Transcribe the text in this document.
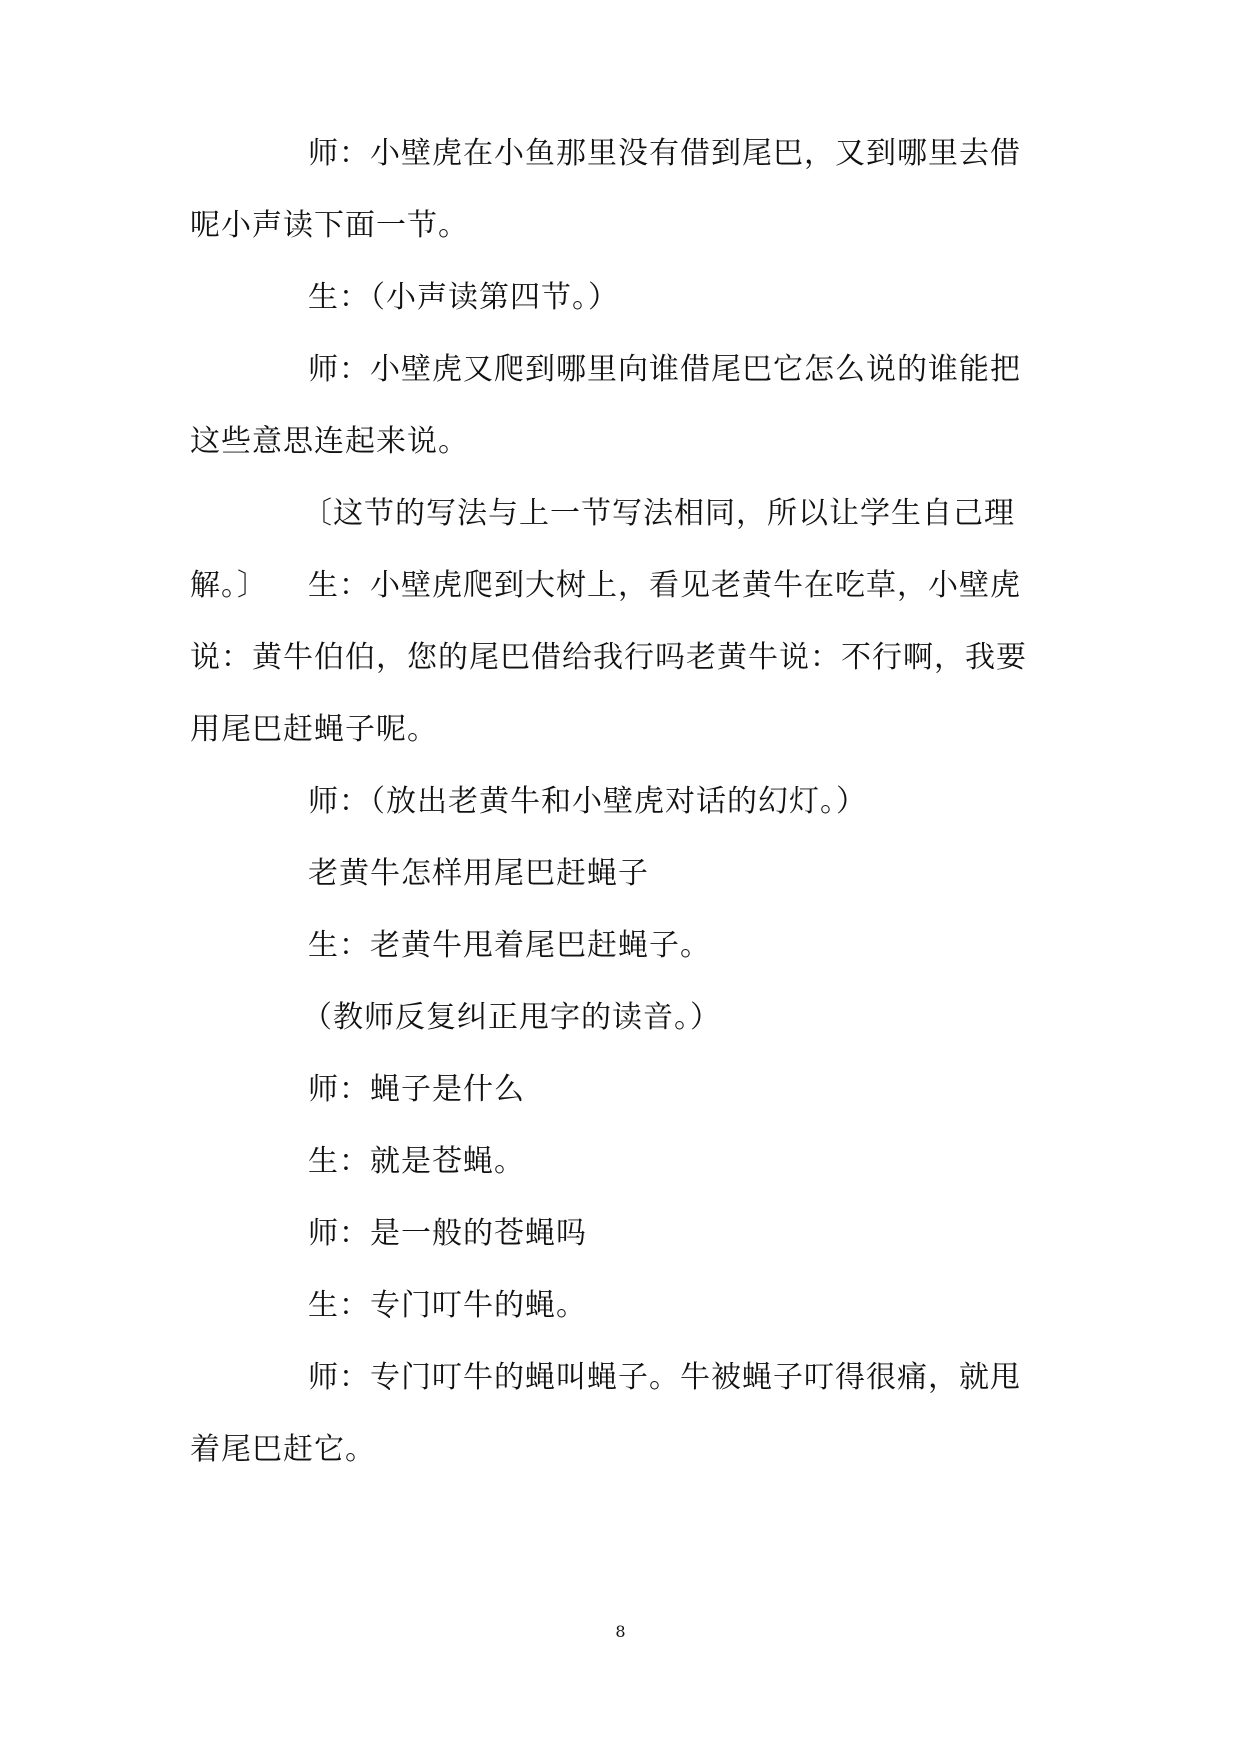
师：小壁虎在小鱼那里没有借到尾巴，又到哪里去借呢小声读下面一节。

生：（小声读第四节。）

师：小壁虎又爬到哪里向谁借尾巴它怎么说的谁能把这些意思连起来说。

〔这节的写法与上一节写法相同，所以让学生自己理解。〕	生：小壁虎爬到大树上，看见老黄牛在吃草，小壁虎说：黄牛伯伯，您的尾巴借给我行吗老黄牛说：不行啊，我要用尾巴赶蝇子呢。

师：（放出老黄牛和小壁虎对话的幻灯。）

老黄牛怎样用尾巴赶蝇子

生：老黄牛甩着尾巴赶蝇子。

（教师反复纠正甩字的读音。）

师：蝇子是什么

生：就是苍蝇。

师：是一般的苍蝇吗

生：专门叮牛的蝇。

师：专门叮牛的蝇叫蝇子。牛被蝇子叮得很痛，就甩着尾巴赶它。

8
